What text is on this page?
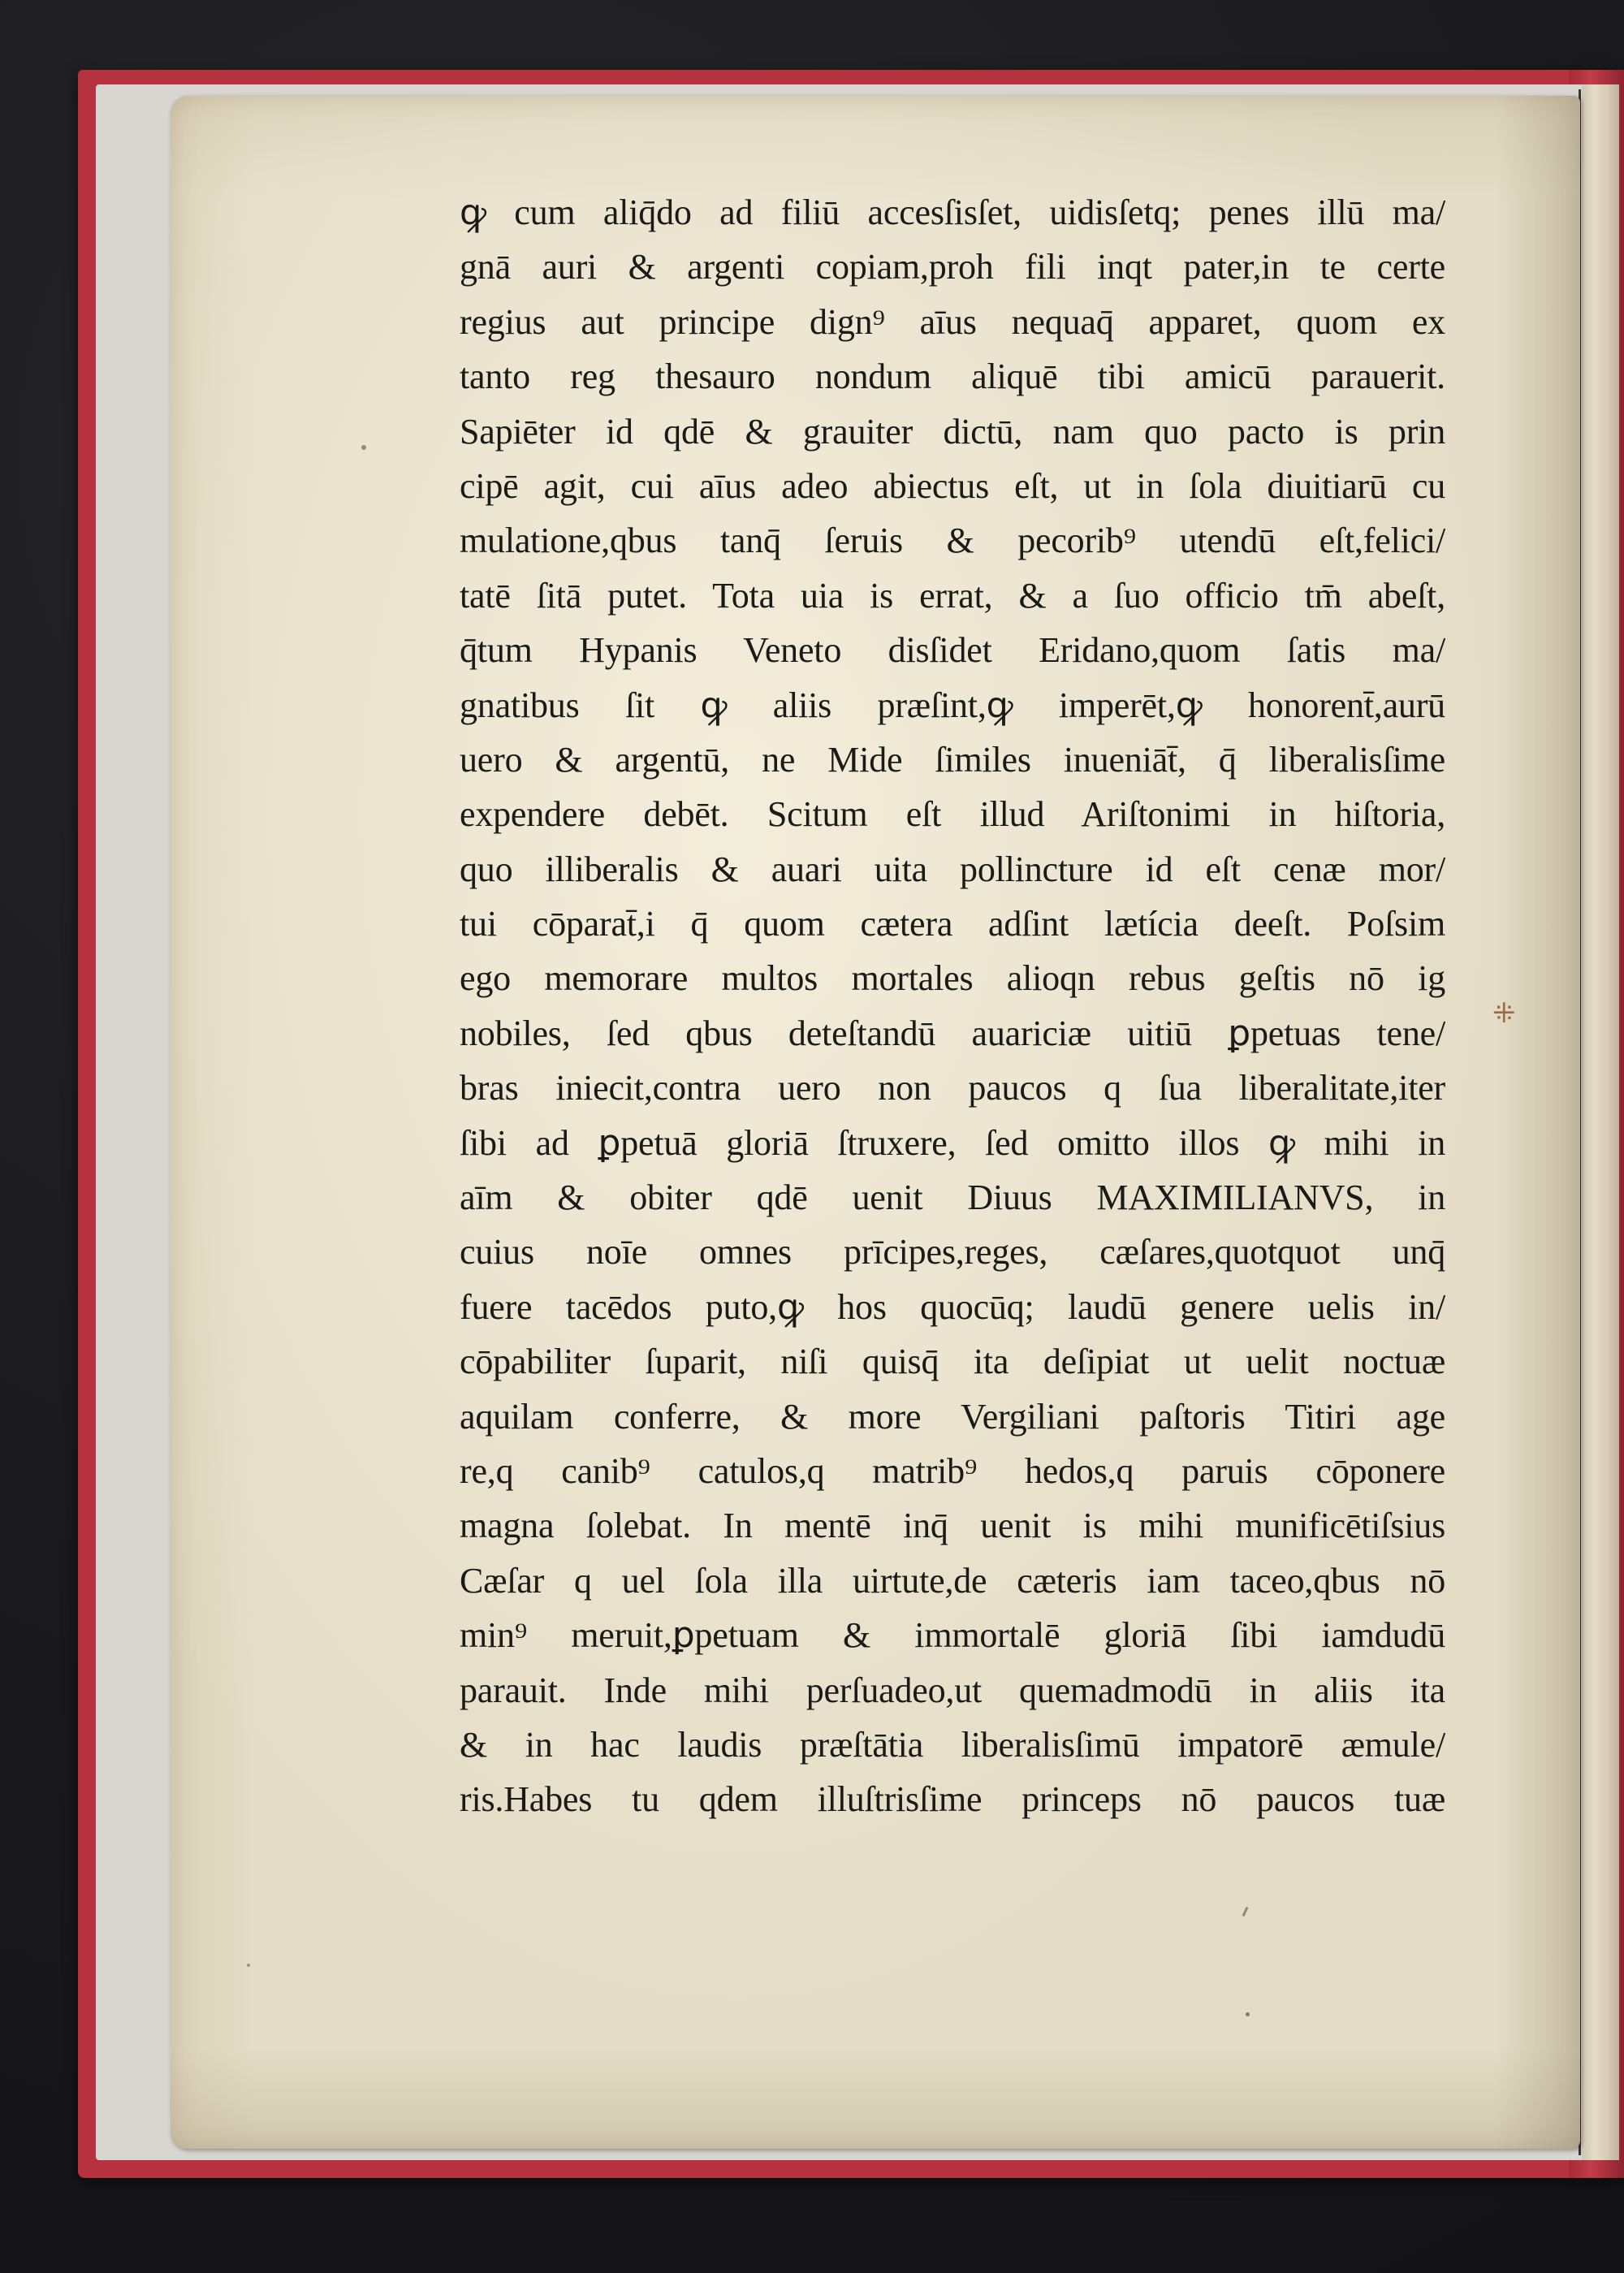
ꝙ cum aliq̄do ad filiū accesſisſet, uidisſetq; penes illū ma/
gnā auri & argenti copiam,proh fili inqt pater,in te certe
regius aut principe dign⁹ aīus nequaq̄ apparet, quom ex
tanto reg thesauro nondum aliquē tibi amicū parauerit.
Sapiēter id qdē & grauiter dictū, nam quo pacto is prin
cipē agit, cui aīus adeo abiectus eſt, ut in ſola diuitiarū cu
mulatione,qbus tanq̄ ſeruis & pecorib⁹ utendū eſt,felici/
tatē ſitā putet. Tota uia is errat, & a ſuo officio tm̄ abeſt,
q̄tum Hypanis Veneto disſidet Eridano,quom ſatis ma/
gnatibus ſit ꝙ aliis præſint,ꝙ imperēt,ꝙ honorent̄,aurū
uero & argentū, ne Mide ſimiles inueniāt̄, q̄ liberalisſime
expendere debēt. Scitum eſt illud Ariſtonimi in hiſtoria,
quo illiberalis & auari uita pollincture id eſt cenæ mor/
tui cōparat̄,i q̄ quom cætera adſint lætícia deeſt. Poſsim
ego memorare multos mortales alioqn rebus geſtis nō ig
nobiles, ſed qbus deteſtandū auariciæ uitiū ꝑpetuas tene/
bras iniecit,contra uero non paucos q ſua liberalitate,iter
ſibi ad ꝑpetuā gloriā ſtruxere, ſed omitto illos ꝙ mihi in
aīm & obiter qdē uenit Diuus MAXIMILIANVS, in
cuius noīe omnes prīcipes,reges, cæſares,quotquot unq̄
fuere tacēdos puto,ꝙ hos quocūq; laudū genere uelis in/
cōpabiliter ſuparit, niſi quisq̄ ita deſipiat ut uelit noctuæ
aquilam conferre, & more Vergiliani paſtoris Titiri age
re,q canib⁹ catulos,q matrib⁹ hedos,q paruis cōponere
magna ſolebat. In mentē inq̄ uenit is mihi munificētiſsius
Cæſar q uel ſola illa uirtute,de cæteris iam taceo,qbus nō
min⁹ meruit,ꝑpetuam & immortalē gloriā ſibi iamdudū
parauit. Inde mihi perſuadeo,ut quemadmodū in aliis ita
& in hac laudis præſtātia liberalisſimū impatorē æmule/
ris.Habes tu qdem illuſtrisſime princeps nō paucos tuæ
⁜
